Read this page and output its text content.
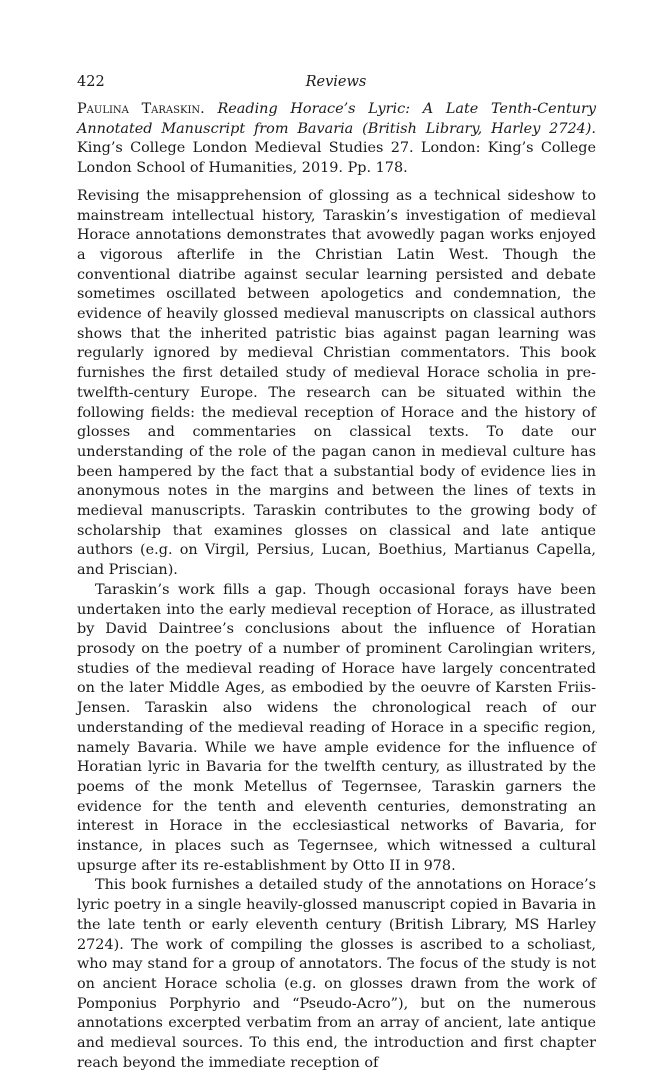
422	Reviews

Paulina Taraskin. Reading Horace’s Lyric: A Late Tenth-Century Annotated Manuscript from Bavaria (British Library, Harley 2724). King’s College London Medieval Studies 27. London: King’s College London School of Humanities, 2019. Pp. 178.

Revising the misapprehension of glossing as a technical sideshow to mainstream intellectual history, Taraskin’s investigation of medieval Horace annotations demonstrates that avowedly pagan works enjoyed a vigorous afterlife in the Christian Latin West. Though the conventional diatribe against secular learning persisted and debate sometimes oscillated between apologetics and condemnation, the evidence of heavily glossed medieval manuscripts on classical authors shows that the inherited patristic bias against pagan learning was regularly ignored by medieval Christian commentators. This book furnishes the first detailed study of medieval Horace scholia in pre-twelfth-century Europe. The research can be situated within the following fields: the medieval reception of Horace and the history of glosses and commentaries on classical texts. To date our understanding of the role of the pagan canon in medieval culture has been hampered by the fact that a substantial body of evidence lies in anonymous notes in the margins and between the lines of texts in medieval manuscripts. Taraskin contributes to the growing body of scholarship that examines glosses on classical and late antique authors (e.g. on Virgil, Persius, Lucan, Boethius, Martianus Capella, and Priscian).

Taraskin’s work fills a gap. Though occasional forays have been undertaken into the early medieval reception of Horace, as illustrated by David Daintree’s conclusions about the influence of Horatian prosody on the poetry of a number of prominent Carolingian writers, studies of the medieval reading of Horace have largely concentrated on the later Middle Ages, as embodied by the oeuvre of Karsten Friis-Jensen. Taraskin also widens the chronological reach of our understanding of the medieval reading of Horace in a specific region, namely Bavaria. While we have ample evidence for the influence of Horatian lyric in Bavaria for the twelfth century, as illustrated by the poems of the monk Metellus of Tegernsee, Taraskin garners the evidence for the tenth and eleventh centuries, demonstrating an interest in Horace in the ecclesiastical networks of Bavaria, for instance, in places such as Tegernsee, which witnessed a cultural upsurge after its re-establishment by Otto II in 978.

This book furnishes a detailed study of the annotations on Horace’s lyric poetry in a single heavily-glossed manuscript copied in Bavaria in the late tenth or early eleventh century (British Library, MS Harley 2724). The work of compiling the glosses is ascribed to a scholiast, who may stand for a group of annotators. The focus of the study is not on ancient Horace scholia (e.g. on glosses drawn from the work of Pomponius Porphyrio and “Pseudo-Acro”), but on the numerous annotations excerpted verbatim from an array of ancient, late antique and medieval sources. To this end, the introduction and first chapter reach beyond the immediate reception of
